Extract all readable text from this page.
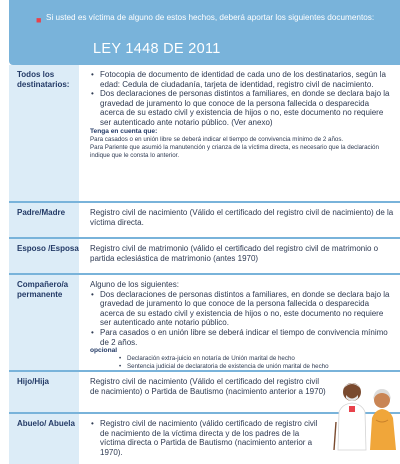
■ Si usted es víctima de alguno de estos hechos, deberá aportar los siguientes documentos:
LEY 1448 DE 2011
Todos los destinatarios:

• Fotocopia de documento de identidad de cada uno de los destinatarios, según la edad: Cedula de ciudadanía, tarjeta de identidad, registro civil de nacimiento.

• Dos declaraciones de personas distintos a familiares, en donde se declara bajo la gravedad de juramento lo que conoce de la persona fallecida o desparecida acerca de su estado civil y existencia de hijos o no, este documento no requiere ser autenticado ante notario público. (Ver anexo)

Tenga en cuenta que:

Para casados o en unión libre se deberá indicar el tiempo de convivencia mínimo de 2 años.

Para Pariente que asumió la manutención y crianza de la víctima directa, es necesario que la declaración indique que le consta lo anterior.

Padre/Madre	Registro civil de nacimiento (Válido el certificado del registro civil de nacimiento) de la víctima directa.

Esposo /Esposa Registro civil de matrimonio (válido el certificado del registro civil de matrimonio o partida eclesiástica de matrimonio (antes 1970)

Compañero/a permanente

Alguno de los siguientes:

• Dos declaraciones de personas distintos a familiares, en donde se declara bajo la gravedad de juramento lo que conoce de la persona fallecida o desparecida acerca de su estado civil y existencia de hijos o no, este documento no requiere ser autenticado ante notario público.

• Para casados o en unión libre se deberá indicar el tiempo de convivencia mínimo de 2 años.

opcional

• Declaración extra-juicio en notaría de Unión marital de hecho

• Sentencia judicial de declaratoria de existencia de unión marital de hecho

Hijo/Hija	Registro civil de nacimiento (Válido el certificado del registro civil de nacimiento) o Partida de Bautismo (nacimiento anterior a 1970)

Abuelo/ Abuela

•	Registro civil de nacimiento (válido certificado de registro civil de nacimiento de la víctima directa y de los padres de la víctima directa o Partida de Bautismo (nacimiento anterior a 1970).
